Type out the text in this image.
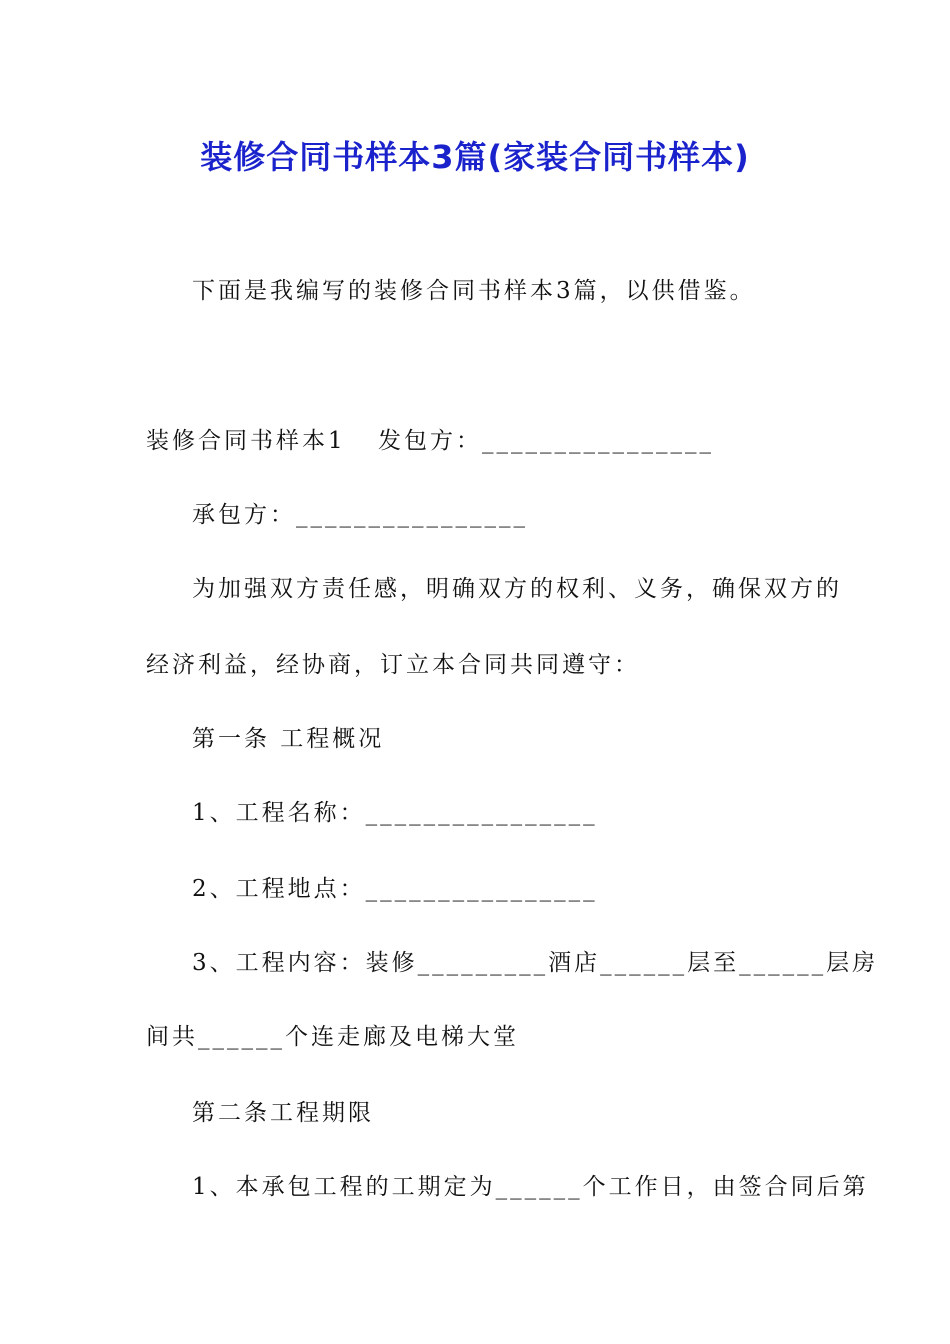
装修合同书样本3篇(家装合同书样本)
下面是我编写的装修合同书样本3篇，以供借鉴。
装修合同书样本1 发包方：________________
承包方：________________
为加强双方责任感，明确双方的权利、义务，确保双方的
经济利益，经协商，订立本合同共同遵守：
第一条 工程概况
1、工程名称：________________
2、工程地点：________________
3、工程内容：装修_________酒店______层至______层房
间共______个连走廊及电梯大堂
第二条工程期限
1、本承包工程的工期定为______个工作日，由签合同后第
